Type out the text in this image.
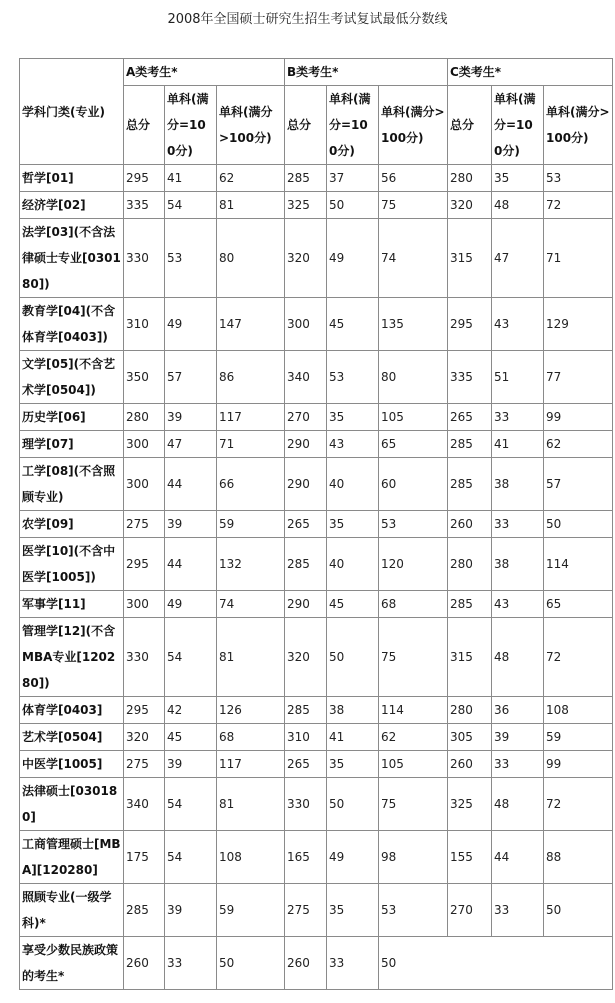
2008年全国硕士研究生招生考试复试最低分数线
学科门类(专业)	A类考生*			B类考生*			C类考生*		
	总分	单科(满分=100分)	单科(满分>100分)	总分	单科(满分=100分)	单科(满分>100分)	总分	单科(满分=100分)	单科(满分>100分)
哲学[01]	295	41	62	285	37	56	280	35	53
经济学[02]	335	54	81	325	50	75	320	48	72
法学[03](不含法律硕士专业[030180])	330	53	80	320	49	74	315	47	71
教育学[04](不含体育学[0403])	310	49	147	300	45	135	295	43	129
文学[05](不含艺术学[0504])	350	57	86	340	53	80	335	51	77
历史学[06]	280	39	117	270	35	105	265	33	99
理学[07]	300	47	71	290	43	65	285	41	62
工学[08](不含照顾专业)	300	44	66	290	40	60	285	38	57
农学[09]	275	39	59	265	35	53	260	33	50
医学[10](不含中医学[1005])	295	44	132	285	40	120	280	38	114
军事学[11]	300	49	74	290	45	68	285	43	65
管理学[12](不含MBA专业[120280])	330	54	81	320	50	75	315	48	72
体育学[0403]	295	42	126	285	38	114	280	36	108
艺术学[0504]	320	45	68	310	41	62	305	39	59
中医学[1005]	275	39	117	265	35	105	260	33	99
法律硕士[030180]	340	54	81	330	50	75	325	48	72
工商管理硕士[MBA][120280]	175	54	108	165	49	98	155	44	88
照顾专业(一级学科)*	285	39	59	275	35	53	270	33	50
享受少数民族政策的考生*	260	33	50	260	33	50			
